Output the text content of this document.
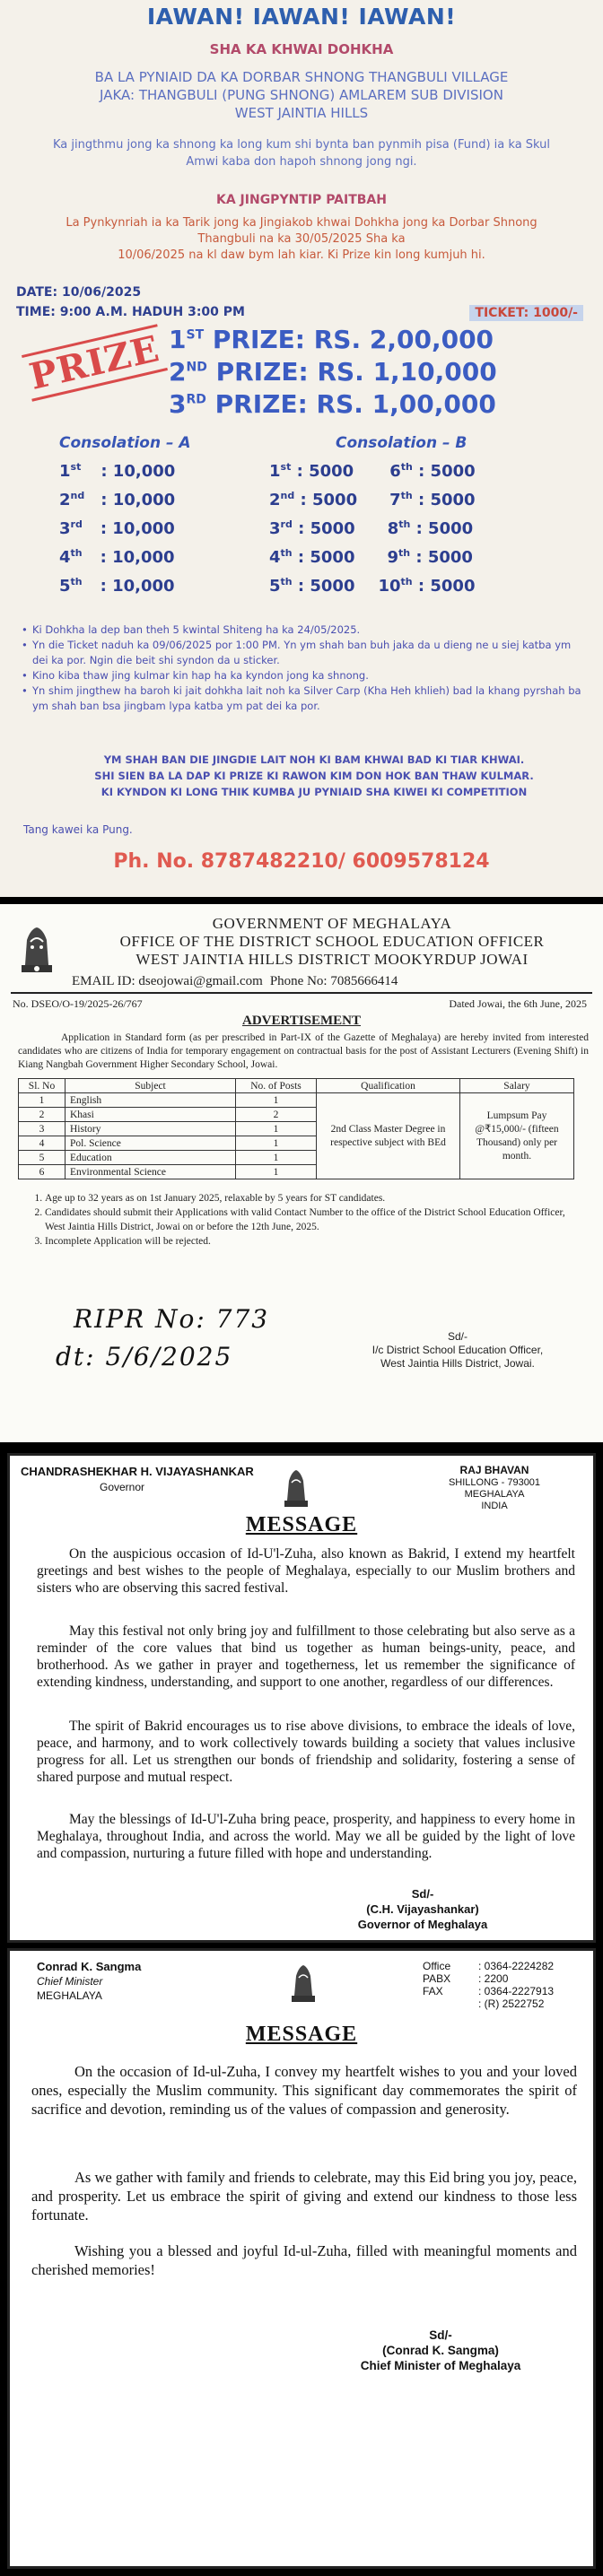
IAWAN! IAWAN! IAWAN!
SHA KA KHWAI DOHKHA
BA LA PYNIAID DA KA DORBAR SHNONG THANGBULI VILLAGE
JAKA: THANGBULI (PUNG SHNONG) AMLAREM SUB DIVISION
WEST JAINTIA HILLS
Ka jingthmu jong ka shnong ka long kum shi bynta ban pynmih pisa (Fund) ia ka Skul Amwi kaba don hapoh shnong jong ngi.
KA JINGPYNTIP PAITBAH
La Pynkynriah ia ka Tarik jong ka Jingiakob khwai Dohkha jong ka Dorbar Shnong
Thangbuli na ka 30/05/2025 Sha ka
10/06/2025 na kl daw bym lah kiar. Ki Prize kin long kumjuh hi.
DATE: 10/06/2025
TIME: 9:00 A.M. HADUH 3:00 PM	TICKET: 1000/-
PRIZE 1ST PRIZE: RS. 2,00,000
2ND PRIZE: RS. 1,10,000
3RD PRIZE: RS. 1,00,000
Consolation – A	Consolation – B
1st : 10,000
2nd : 10,000
3rd : 10,000
4th : 10,000
5th : 10,000
1st : 5000 6th : 5000
2nd : 5000 7th : 5000
3rd : 5000 8th : 5000
4th : 5000 9th : 5000
5th : 5000 10th : 5000
• Ki Dohkha la dep ban theh 5 kwintal Shiteng ha ka 24/05/2025.
• Yn die Ticket naduh ka 09/06/2025 por 1:00 PM. Yn ym shah ban buh jaka da u dieng ne u siej katba ym dei ka por. Ngin die beit shi syndon da u sticker.
• Kino kiba thaw jing kulmar kin hap ha ka kyndon jong ka shnong.
• Yn shim jingthew ha baroh ki jait dohkha lait noh ka Silver Carp (Kha Heh khlieh) bad la khang pyrshah ba ym shah ban bsa jingbam lypa katba ym pat dei ka por.
YM SHAH BAN DIE JINGDIE LAIT NOH KI BAM KHWAI BAD KI TIAR KHWAI.
SHI SIEN BA LA DAP KI PRIZE KI RAWON KIM DON HOK BAN THAW KULMAR.
KI KYNDON KI LONG THIK KUMBA JU PYNIAID SHA KIWEI KI COMPETITION
Tang kawei ka Pung.
Ph. No. 8787482210/ 6009578124
GOVERNMENT OF MEGHALAYA
OFFICE OF THE DISTRICT SCHOOL EDUCATION OFFICER
WEST JAINTIA HILLS DISTRICT MOOKYRDUP JOWAI
EMAIL ID: dseojowai@gmail.com Phone No: 7085666414
No. DSEO/O-19/2025-26/767	Dated Jowai, the 6th June, 2025
ADVERTISEMENT
Application in Standard form (as per prescribed in Part-IX of the Gazette of Meghalaya) are hereby invited from interested candidates who are citizens of India for temporary engagement on contractual basis for the post of Assistant Lecturers (Evening Shift) in Kiang Nangbah Government Higher Secondary School, Jowai.
Sl. No	Subject	No. of Posts	Qualification	Salary
1	English	1	2nd Class Master Degree in respective subject with BEd	Lumpsum Pay @₹15,000/- (fifteen Thousand) only per month.
2	Khasi	2		
3	History	1		
4	Pol. Science	1		
5	Education	1		
6	Environmental Science	1		
1. Age up to 32 years as on 1st January 2025, relaxable by 5 years for ST candidates.
2. Candidates should submit their Applications with valid Contact Number to the office of the District School Education Officer, West Jaintia Hills District, Jowai on or before the 12th June, 2025.
3. Incomplete Application will be rejected.
RIPR No: 773
dt: 5/6/2025
Sd/-
I/c District School Education Officer,
West Jaintia Hills District, Jowai.
CHANDRASHEKHAR H. VIJAYASHANKAR
Governor
RAJ BHAVAN
SHILLONG - 793001
MEGHALAYA
INDIA
MESSAGE

On the auspicious occasion of Id-U'l-Zuha, also known as Bakrid, I extend my heartfelt greetings and best wishes to the people of Meghalaya, especially to our Muslim brothers and sisters who are observing this sacred festival.

May this festival not only bring joy and fulfillment to those celebrating but also serve as a reminder of the core values that bind us together as human beings-unity, peace, and brotherhood. As we gather in prayer and togetherness, let us remember the significance of extending kindness, understanding, and support to one another, regardless of our differences.

The spirit of Bakrid encourages us to rise above divisions, to embrace the ideals of love, peace, and harmony, and to work collectively towards building a society that values inclusive progress for all. Let us strengthen our bonds of friendship and solidarity, fostering a sense of shared purpose and mutual respect.

May the blessings of Id-U'l-Zuha bring peace, prosperity, and happiness to every home in Meghalaya, throughout India, and across the world. May we all be guided by the light of love and compassion, nurturing a future filled with hope and understanding.

Sd/-
(C.H. Vijayashankar)
Governor of Meghalaya
Conrad K. Sangma
Chief Minister
MEGHALAYA
Office	: 0364-2224282
PABX	: 2200
FAX	: 0364-2227913
: (R) 2522752
MESSAGE

On the occasion of Id-ul-Zuha, I convey my heartfelt wishes to you and your loved ones, especially the Muslim community. This significant day commemorates the spirit of sacrifice and devotion, reminding us of the values of compassion and generosity.

As we gather with family and friends to celebrate, may this Eid bring you joy, peace, and prosperity. Let us embrace the spirit of giving and extend our kindness to those less fortunate.

Wishing you a blessed and joyful Id-ul-Zuha, filled with meaningful moments and cherished memories!

Sd/-
(Conrad K. Sangma)
Chief Minister of Meghalaya
